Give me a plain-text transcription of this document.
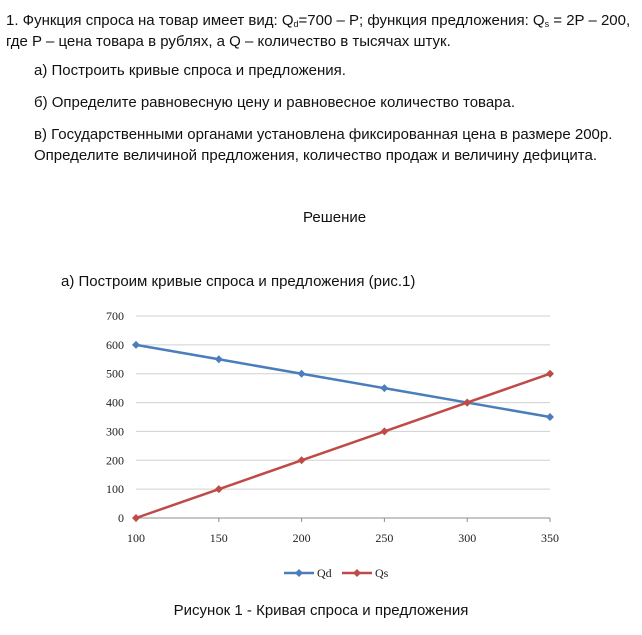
1. Функция спроса на товар имеет вид: $Q_d=700 - P$; функция предложения: $Q_s = 2P - 200$,
где P – цена товара в рублях, а Q – количество в тысячах штук.
а) Построить кривые спроса и предложения.
б) Определите равновесную цену и равновесное количество товара.
в) Государственными органами установлена фиксированная цена в размере 200р.
Определите величиной предложения, количество продаж и величину дефицита.
Решение
а) Построим кривые спроса и предложения (рис.1)
0
100
200
300
400
500
600
700
100	150	200	250	300	350
Qd	Qs
Рисунок 1 - Кривая спроса и предложения
